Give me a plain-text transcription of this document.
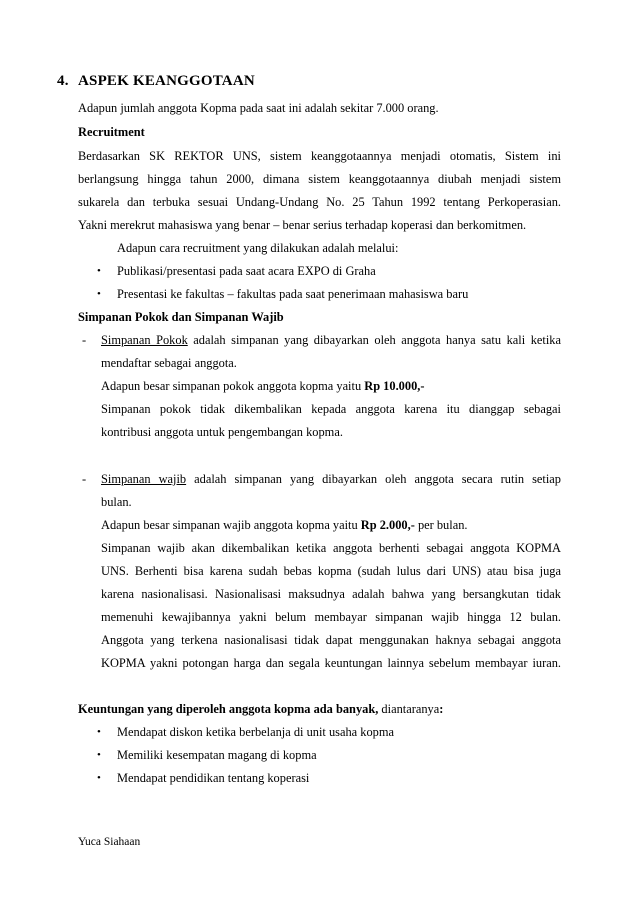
4. ASPEK KEANGGOTAAN
Adapun jumlah anggota Kopma pada saat ini adalah sekitar 7.000 orang.
Recruitment
Berdasarkan SK REKTOR UNS, sistem keanggotaannya menjadi otomatis, Sistem ini
berlangsung hingga tahun 2000, dimana sistem keanggotaannya diubah menjadi sistem
sukarela dan terbuka sesuai Undang-Undang No. 25 Tahun 1992 tentang Perkoperasian.
Yakni merekrut mahasiswa yang benar – benar serius terhadap koperasi dan berkomitmen.
Adapun cara recruitment yang dilakukan adalah melalui:
• Publikasi/presentasi pada saat acara EXPO di Graha
• Presentasi ke fakultas – fakultas pada saat penerimaan mahasiswa baru
Simpanan Pokok dan Simpanan Wajib
- Simpanan Pokok adalah simpanan yang dibayarkan oleh anggota hanya satu kali ketika
mendaftar sebagai anggota.
Adapun besar simpanan pokok anggota kopma yaitu Rp 10.000,-
Simpanan pokok tidak dikembalikan kepada anggota karena itu dianggap sebagai
kontribusi anggota untuk pengembangan kopma.
- Simpanan wajib adalah simpanan yang dibayarkan oleh anggota secara rutin setiap
bulan.
Adapun besar simpanan wajib anggota kopma yaitu Rp 2.000,- per bulan.
Simpanan wajib akan dikembalikan ketika anggota berhenti sebagai anggota KOPMA
UNS. Berhenti bisa karena sudah bebas kopma (sudah lulus dari UNS) atau bisa juga
karena nasionalisasi. Nasionalisasi maksudnya adalah bahwa yang bersangkutan tidak
memenuhi kewajibannya yakni belum membayar simpanan wajib hingga 12 bulan.
Anggota yang terkena nasionalisasi tidak dapat menggunakan haknya sebagai anggota
KOPMA yakni potongan harga dan segala keuntungan lainnya sebelum membayar iuran.
Keuntungan yang diperoleh anggota kopma ada banyak, diantaranya:
• Mendapat diskon ketika berbelanja di unit usaha kopma
• Memiliki kesempatan magang di kopma
• Mendapat pendidikan tentang koperasi
Yuca Siahaan
